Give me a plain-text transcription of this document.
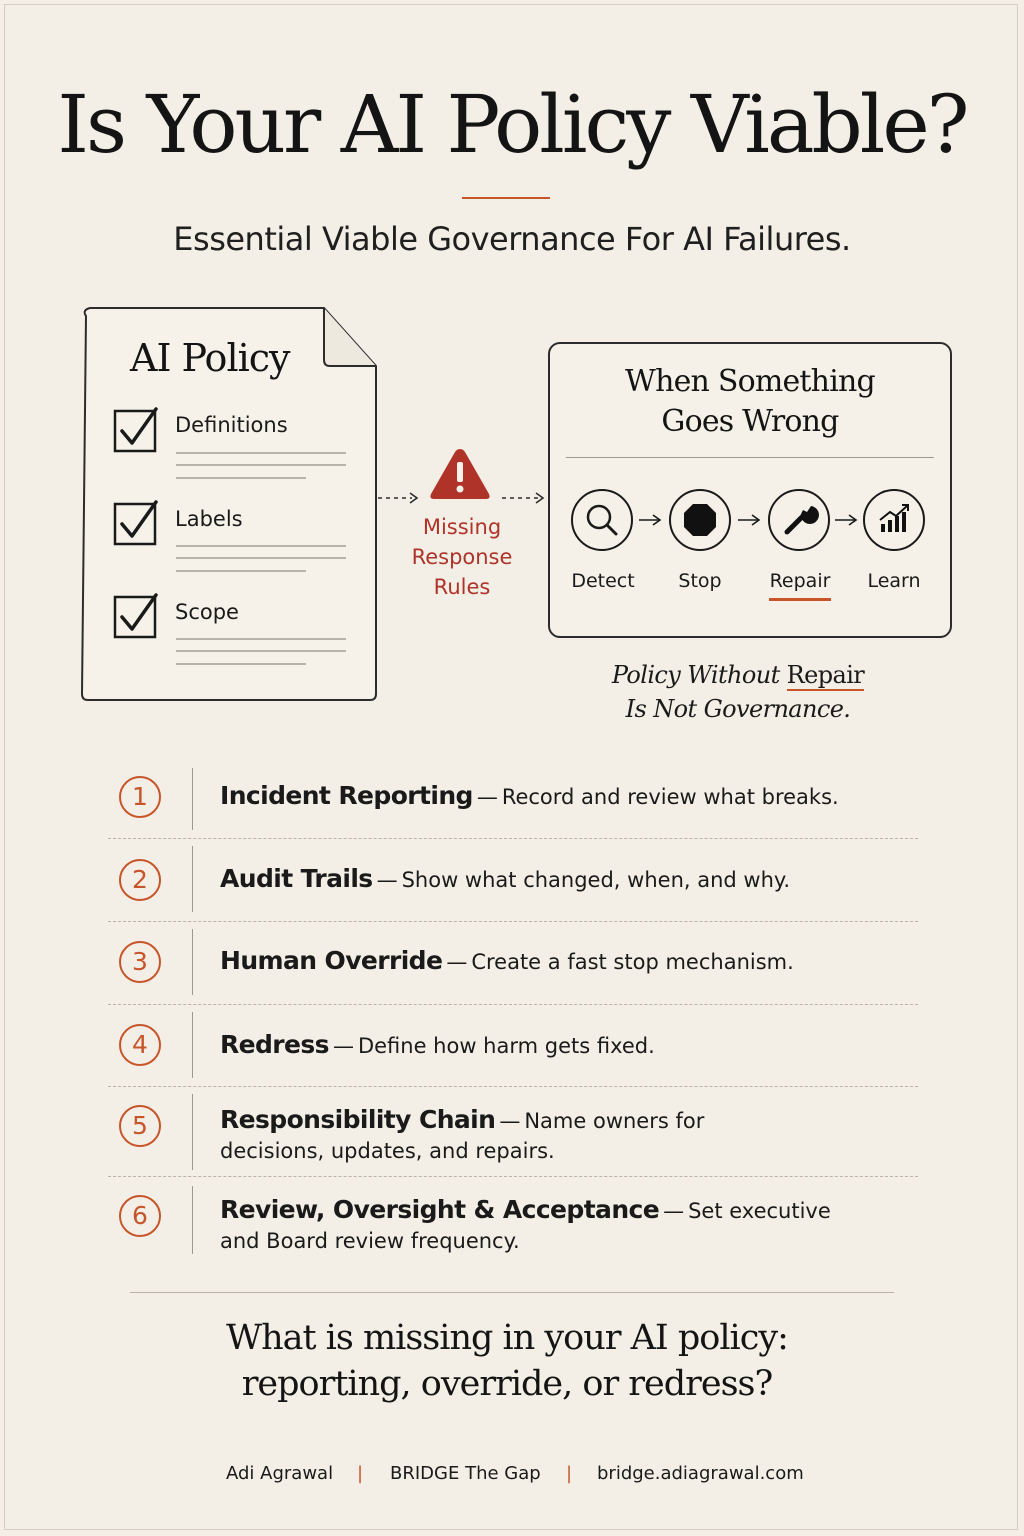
Is Your AI Policy Viable?
Essential Viable Governance For AI Failures.
AI Policy
Definitions
Labels
Scope
Missing
Response
Rules
When Something
Goes Wrong
Detect	Stop	Repair	Learn
Policy Without Repair
Is Not Governance.
1	Incident Reporting — Record and review what breaks.
2	Audit Trails — Show what changed, when, and why.
3	Human Override — Create a fast stop mechanism.
4	Redress — Define how harm gets fixed.
5	Responsibility Chain — Name owners for decisions, updates, and repairs.
6	Review, Oversight & Acceptance — Set executive and Board review frequency.
What is missing in your AI policy:
reporting, override, or redress?
Adi Agrawal | BRIDGE The Gap | bridge.adiagrawal.com
